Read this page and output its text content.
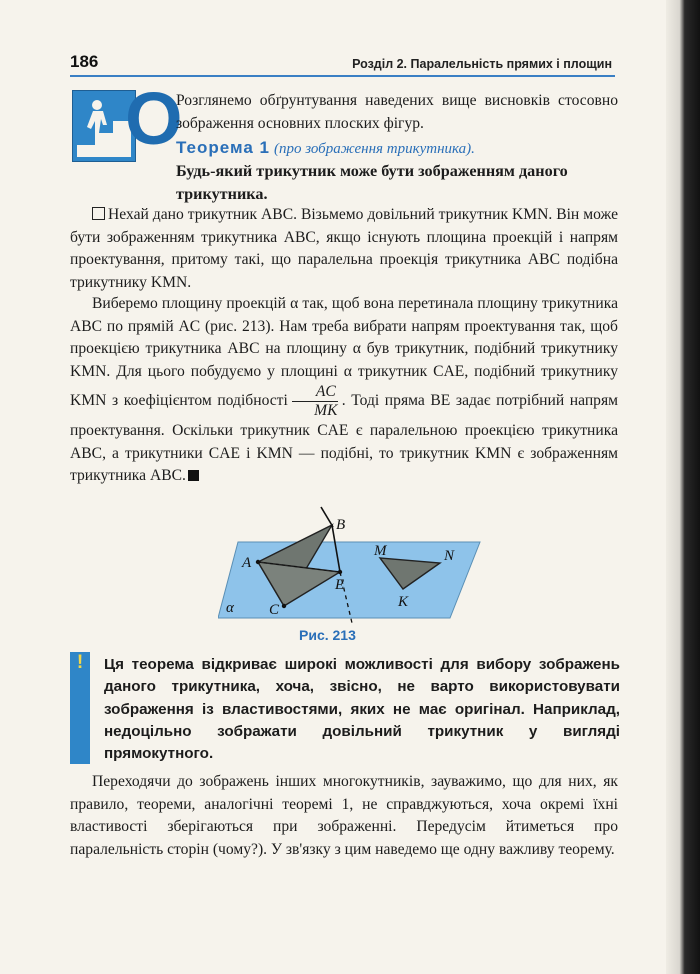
186	Розділ 2. Паралельність прямих і площин
O
Розглянемо обґрунтування наведених вище висновків стосовно зображення основних плоских фігур.
Теорема 1 (про зображення трикутника).
Будь-який трикутник може бути зображенням даного трикутника.
Нехай дано трикутник ABC. Візьмемо довільний трикутник KMN. Він може бути зображенням трикутника ABC, якщо існують площина проекцій і напрям проектування, притому такі, що паралельна проекція трикутника ABC подібна трикутнику KMN.
Виберемо площину проекцій α так, щоб вона перетинала площину трикутника ABC по прямій AC (рис. 213). Нам треба вибрати напрям проектування так, щоб проекцією трикутника ABC на площину α був трикутник, подібний трикутнику KMN. Для цього побудуємо у площині α трикутник CAE, подібний трикутнику KMN з коефіцієнтом подібності $\frac{AC}{MK}$ . Тоді пряма BE задає потрібний напрям проектування. Оскільки трикутник CAE є паралельною проекцією трикутника ABC, а трикутники CAE і KMN — подібні, то трикутник KMN є зображенням трикутника ABC.
A
B
C
E
M	N
K
α
Рис. 213
!	Ця теорема відкриває широкі можливості для вибору зображень даного трикутника, хоча, звісно, не варто використовувати зображення із властивостями, яких не має оригінал. Наприклад, недоцільно зображати довільний трикутник у вигляді прямокутного.
Переходячи до зображень інших многокутників, зауважимо, що для них, як правило, теореми, аналогічні теоремі 1, не справджуються, хоча окремі їхні властивості зберігаються при зображенні. Передусім йтиметься про паралельність сторін (чому?). У зв'язку з цим наведемо ще одну важливу теорему.
